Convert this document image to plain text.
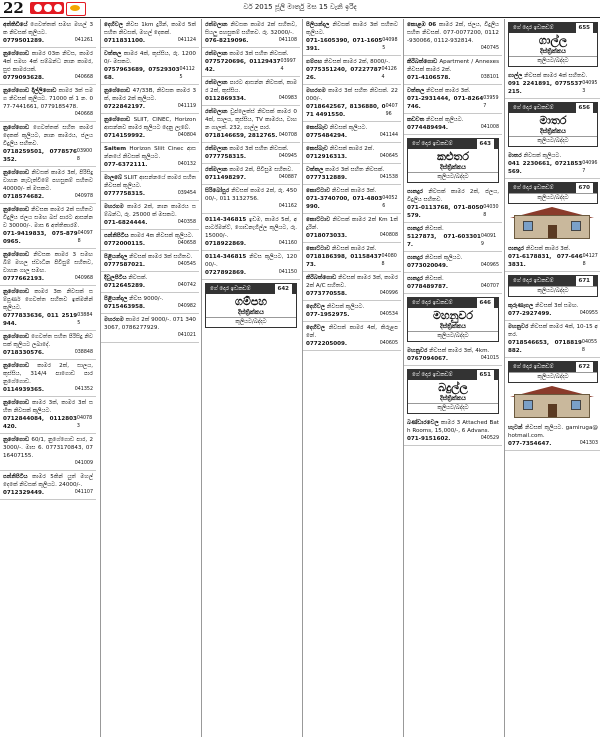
22	වර් 2015 ජූලි මාර්තු මස 15 වැනි ඉරිද
අත්තිඩියේ ගෙවත්තක් සමඟ මහල් 3ක නිවසක් කුලියට.
0779501289.	041261
නුගේගොඩ කාමර 03ක නිවස, කාමර 4ක් සමඟ 4ක් සම්බන්ධ නාන කාමර, සුළු කාමරයක්.
0779093628.	040668
නුගේගොඩ දිල්ලිගොඩ කාමර 3ක් සමග නිවසක් කුලියට. 71000 ක් 1 න. 077-7441661, 0779185478.
040668
නුගේගොඩ ගෙවත්තක් සහිත කාමර දෙකක් කුලියට, නාන කාමරය, ජලය විදුලිය සහිතව.
0718259501, 0778576352.
039008
නුගේගොඩ නිවසක් කාමර 3ක්, පිරිසිදු වාහන නැවැත්වීමේ පහසුකම් සහිතව 40000/- ක් මසකට.
0718574682.	040978
නුගේගොඩ නිවසක කාමර 2ක් සහිතව විදුලිය ජලය සමඟ බස් පාරට ආසන්නව 30000/-. මාස 6 අත්තිකාරම්.
071-9419833, 075-8790965.
040978
නුගේගොඩ නිවසක කාමර 3 සමඟ බිම් මහල ස්වාධීන පිවිසුම් සහිතව, වාහන ගාල සමඟ.
0777662193.	040968
නුගේගොඩ කාමර 3ක නිවසක් සම්පූර්ණ ගෙවත්ත සහිතව ඉක්මනින් කුලියට.
0777833636, 011 2519944.
038845
නුගේගොඩ ගෙවත්ත සහිත පිරිසිදු නිවසක් කුලියට ලබාදේ.
0718330576.	038848
නුගේගොඩ කාමර 2ක්, සාලය, කුස්සිය, 314/4 පාගොඩ පාර නුගේගොඩ.
0114939365.	041352
නුගේගොඩ කාමර 3ක්, කාමර 3ක් සහිත නිවසක් කුලියට.
0712844084, 0112803420.
040783
නුගේගොඩ 60/1, නුගේගොඩ පාර, 23000/-. මාස 6. 0773170843, 0716407155.
041009
පන්නිපිටිය කාමර 5කින් යුත් මහල් දෙකේ නිවසක් කුලියට. 24000/-.
0712329449.	041107
දෙහිවල නිවස 1km දුරින්, කාමර 5ක් සහිත නිවසක්, මහල් දෙකක්.
0711831100.	041124
වත්තල කාමර 4ක්, කුස්සිය, රු. 12000/- මසකට.
0757963689, 0752930368.
041125
නුගේගොඩ 47/33B, නිවසක කාමර 3ක්, කාමර 2ක් කුලියට.
0722842197.	041119
නුගේගොඩ SLIIT, CINEC, Horizon ආසන්නව කාමර කුලියට දෙනු ලැබේ.
0714159992.	040804
Saitem Horizon Sliit Cinec ආසන්නයේ නිවසක් කුලියට.
077-6372111.	040132
මාලබේ SLIIT ආසන්නයේ කාමර සහිත නිවසක් කුලියට.
0777758315.	039454
මහරගම කාමර 2ක්, නාන කාමරය සම්බන්ධ, රු. 25000 ක් මසකට.
071-6824444.	040358
පන්නිපිටිය කාමර 4ක නිවසක් කුලියට.
0772000115.	040658
පිළියන්දල නිවසක් කාමර 3ක් සහිතව.
0777587021.	040545
දිවුලපිටිය නිවසක්.
0712645289.	040742
පිළියන්දල නිවස 9000/-.
0715463958.	040982
මහරගම කාමර 2ක් 9000/-. 071 3403067, 0786277929.
041021
රත්මලාන නිවසක කාමර 2ක් සහිතව, සියලු පහසුකම් සහිතව. රු. 32000/-.
076-8219096.	041108
රත්මලාන කාමර 3ක් සහිත නිවසක්.
0775720696, 0112943742.
039974
රත්මලාන පාරට ආසන්න නිවසක්, කාමර 2ක්, කුස්සිය.
0112869334.	040983
රත්මලාන ඩුප්ලෙක්ස් නිවසක් කාමර 04ක්, සාලය, කුස්සිය, TV කාමරය, වාහන ගාලක්. 232, ගාල්ල පාර.
0718146659, 2812765. 040708
රත්මලාන කාමර 3ක් සහිත නිවසක්.
0777758315.	040945
රත්මලාන කාමර 2ක්, පිවිසුම සහිතව.
0711498297.	040887
සිරිබෝපුර නිවසක් කාමර 2ක්, රු. 45000/-, 011 3132756.
041162
0114-346815 ඉඩම, කාමර 5ක්, අපාර්ට්මන්ට්, ගොඩනැගිල්ල කුලියට, රු.15000/-.
0718922869.	041160
0114-346815 නිවස කුලියට, 12000/-.
0727892869.	041150
ගේ දොර ඉඩකඩම්	642
ගම්පහ
දිස්ත්‍රික්කය
කුලියට/බද්දට
පිලියන්දල නිවසක් කාමර 3ක් සහිතව කුලියට.
071-1605390, 071-1605391.
040985
ගම්පහ නිවසක් කාමර 2ක්, 8000/-.
0775351240, 0722778726.
041264
මහරගම කාමර 3ක් සහිත නිවසක්. 22000/-.
0718642567, 8136880, 071 4491550.
040796
කෙස්බෑව නිවසක් කුලියට.
0775484294.	041144
කෙස්බෑව නිවසක් කාමර 2ක්.
0712916313.	040645
වත්තල කාමර 3ක් සහිත නිවසක්.
0777312889.	041538
කොට්ටාව නිවසක් කාමර 3ක්.
071-3740700, 071-4803990.
040526
කොට්ටාව නිවසක් කාමර 2ක් Km 1ක් දුරින්.
0718073033.	040808
කොට්ටාව නිවසක් කාමර 2ක්.
0718186398, 0115843773.
040808
කිරිබත්ගොඩ නිවසක් කාමර 3ක්, කාමර 2ක් A/C සහිතව.
0773770558.	040996
දෙහිවල නිවසක් කුලියට.
077-1952975.	040534
දෙහිවල නිවසක් කාමර 4ක්, කිරුළපනේ.
0772205009.	040605
කොළඹ 06 කාමර 2ක්, ජලය, විදුලිය සහිත නිවසක්. 077-0077200, 0112-930066, 0112-932814.
040745
කිරිබත්ගොඩ Apartment / Annexes නිවසක් කාමර 2ක්.
071-4106578.	038101
වත්තල නිවසක් කාමර 3ක්.
071-2931444, 071-8264746.
039597
කඩවත නිවසක් කුලියට.
0774489494.	041008
ගේ දොර ඉඩකඩම්	643
කළුතර
දිස්ත්‍රික්කය
කුලියට/බද්දට
පානදුර නිවසක් කාමර 2ක්, ජලය, විදුලිය සහිතව.
071-0113768, 071-8050579.
040308
පානදුර නිවසක්.
5127873, 071-6033017.
040919
පානදුර නිවසක් කුලියට.
0773020049.	040965
පානදුර නිවසක්.
0778489787.	040707
ගේ දොර ඉඩකඩම්	646
මහනුවර
දිස්ත්‍රික්කය
කුලියට/බද්දට
මහනුවර නිවසක් කාමර 3ක්, 4km.
0767094067.	041015
ගේ දොර ඉඩකඩම්	651
බදුල්ල
දිස්ත්‍රික්කය
කුලියට/බද්දට
බණ්ඩාරවෙල කාමර 3 Attached Bath Rooms, 15,000/-, 6 Advans.
071-9151602.	040529
ගේ දොර ඉඩකඩම්	655
ගාල්ල
දිස්ත්‍රික්කය
කුලියට/බද්දට
ගාල්ල නිවසක් කාමර 4ක් සහිතව.
091 2241891, 0775537215.
040953
ගේ දොර ඉඩකඩම්	656
මාතර
දිස්ත්‍රික්කය
කුලියට/බද්දට
මාතර නිවසක් කුලියට.
041 2230661, 0721853569.
040967
ගේ දොර ඉඩකඩම්	670
කුලියට/බද්දට
පානදුර නිවසක් කාමර 3ක්.
071-6178831, 077-6463831.
041278
ගේ දොර ඉඩකඩම්	671
කුලියට/බද්දට
කුරුණෑගල නිවසක් 3ක් සමඟ.
077-2927499.	040955
මහනුවර නිවසක් කාමර 4ක්, 10-15 අතර.
0718546653, 0718819882.
040558
ගේ දොර ඉඩකඩම්	672
කුලියට/බද්දට
හැටන් නිවසක් කුලියට. gamiruga@hotmail.com.
077-7354647.	041303
